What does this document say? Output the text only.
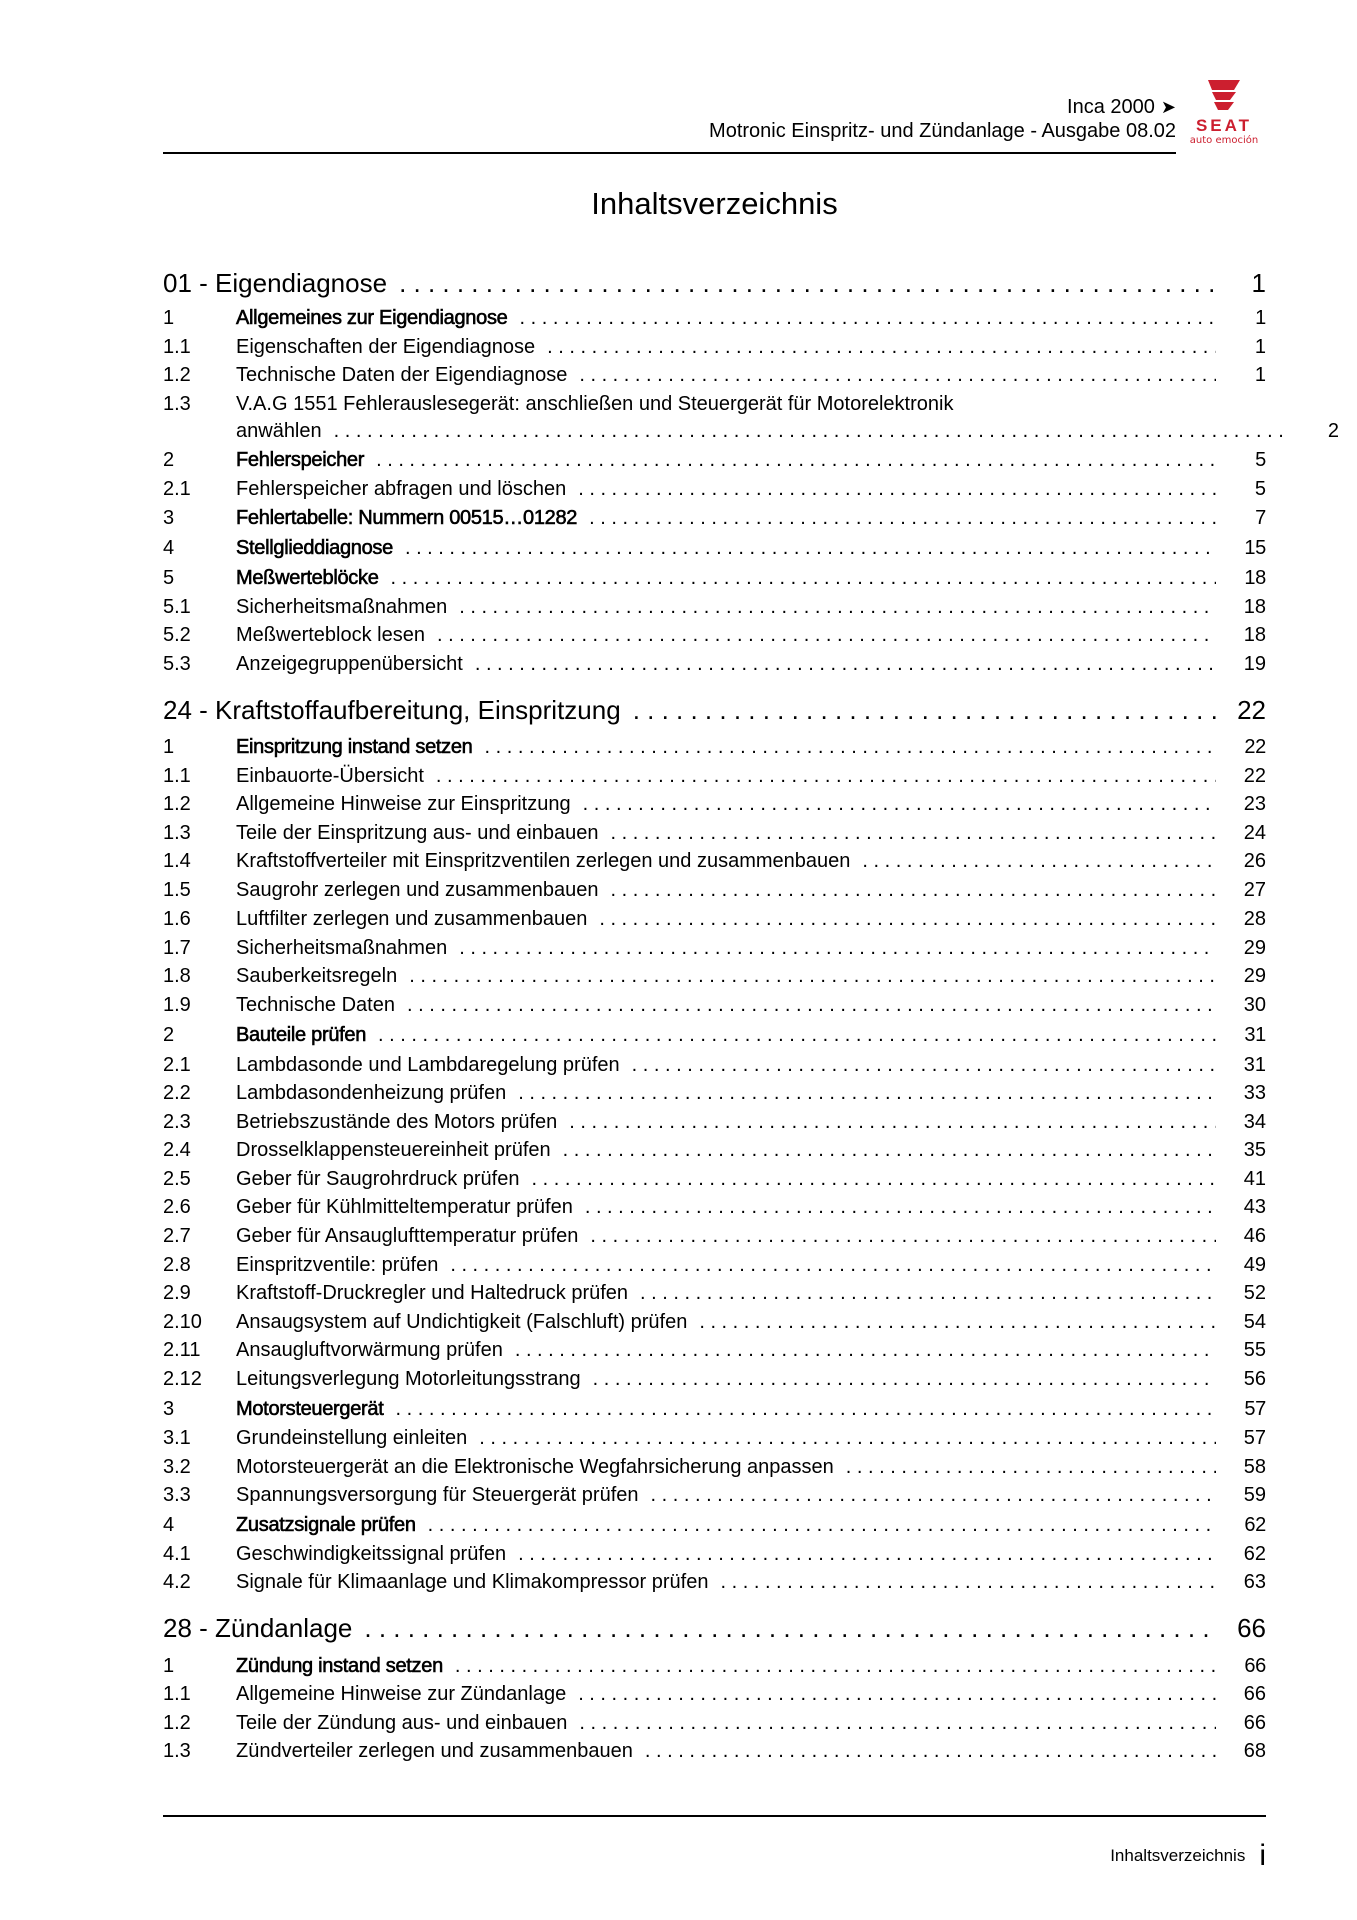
Inca 2000 ➤
Motronic Einspritz- und Zündanlage - Ausgabe 08.02	SEAT
auto emoción
Inhaltsverzeichnis
01 - Eigendiagnose . . .	1
1	Allgemeines zur Eigendiagnose . . .	1
1.1	Eigenschaften der Eigendiagnose . . .	1
1.2	Technische Daten der Eigendiagnose . . .	1
1.3	V.A.G 1551 Fehlerauslesegerät: anschließen und Steuergerät für Motorelektronik
anwählen . . .	2
2	Fehlerspeicher . . .	5
2.1	Fehlerspeicher abfragen und löschen . . .	5
3	Fehlertabelle: Nummern 00515…01282 . . .	7
4	Stellglieddiagnose . . .	15
5	Meßwerteblöcke . . .	18
5.1	Sicherheitsmaßnahmen . . .	18
5.2	Meßwerteblock lesen . . .	18
5.3	Anzeigegruppenübersicht . . .	19
24 - Kraftstoffaufbereitung, Einspritzung . . .	22
1	Einspritzung instand setzen . . .	22
1.1	Einbauorte-Übersicht . . .	22
1.2	Allgemeine Hinweise zur Einspritzung . . .	23
1.3	Teile der Einspritzung aus- und einbauen . . .	24
1.4	Kraftstoffverteiler mit Einspritzventilen zerlegen und zusammenbauen . . .	26
1.5	Saugrohr zerlegen und zusammenbauen . . .	27
1.6	Luftfilter zerlegen und zusammenbauen . . .	28
1.7	Sicherheitsmaßnahmen . . .	29
1.8	Sauberkeitsregeln . . .	29
1.9	Technische Daten . . .	30
2	Bauteile prüfen . . .	31
2.1	Lambdasonde und Lambdaregelung prüfen . . .	31
2.2	Lambdasondenheizung prüfen . . .	33
2.3	Betriebszustände des Motors prüfen . . .	34
2.4	Drosselklappensteuereinheit prüfen . . .	35
2.5	Geber für Saugrohrdruck prüfen . . .	41
2.6	Geber für Kühlmitteltemperatur prüfen . . .	43
2.7	Geber für Ansauglufttemperatur prüfen . . .	46
2.8	Einspritzventile: prüfen . . .	49
2.9	Kraftstoff-Druckregler und Haltedruck prüfen . . .	52
2.10	Ansaugsystem auf Undichtigkeit (Falschluft) prüfen . . .	54
2.11	Ansaugluftvorwärmung prüfen . . .	55
2.12	Leitungsverlegung Motorleitungsstrang . . .	56
3	Motorsteuergerät . . .	57
3.1	Grundeinstellung einleiten . . .	57
3.2	Motorsteuergerät an die Elektronische Wegfahrsicherung anpassen . . .	58
3.3	Spannungsversorgung für Steuergerät prüfen . . .	59
4	Zusatzsignale prüfen . . .	62
4.1	Geschwindigkeitssignal prüfen . . .	62
4.2	Signale für Klimaanlage und Klimakompressor prüfen . . .	63
28 - Zündanlage . . .	66
1	Zündung instand setzen . . .	66
1.1	Allgemeine Hinweise zur Zündanlage . . .	66
1.2	Teile der Zündung aus- und einbauen . . .	66
1.3	Zündverteiler zerlegen und zusammenbauen . . .	68
Inhaltsverzeichnis i
